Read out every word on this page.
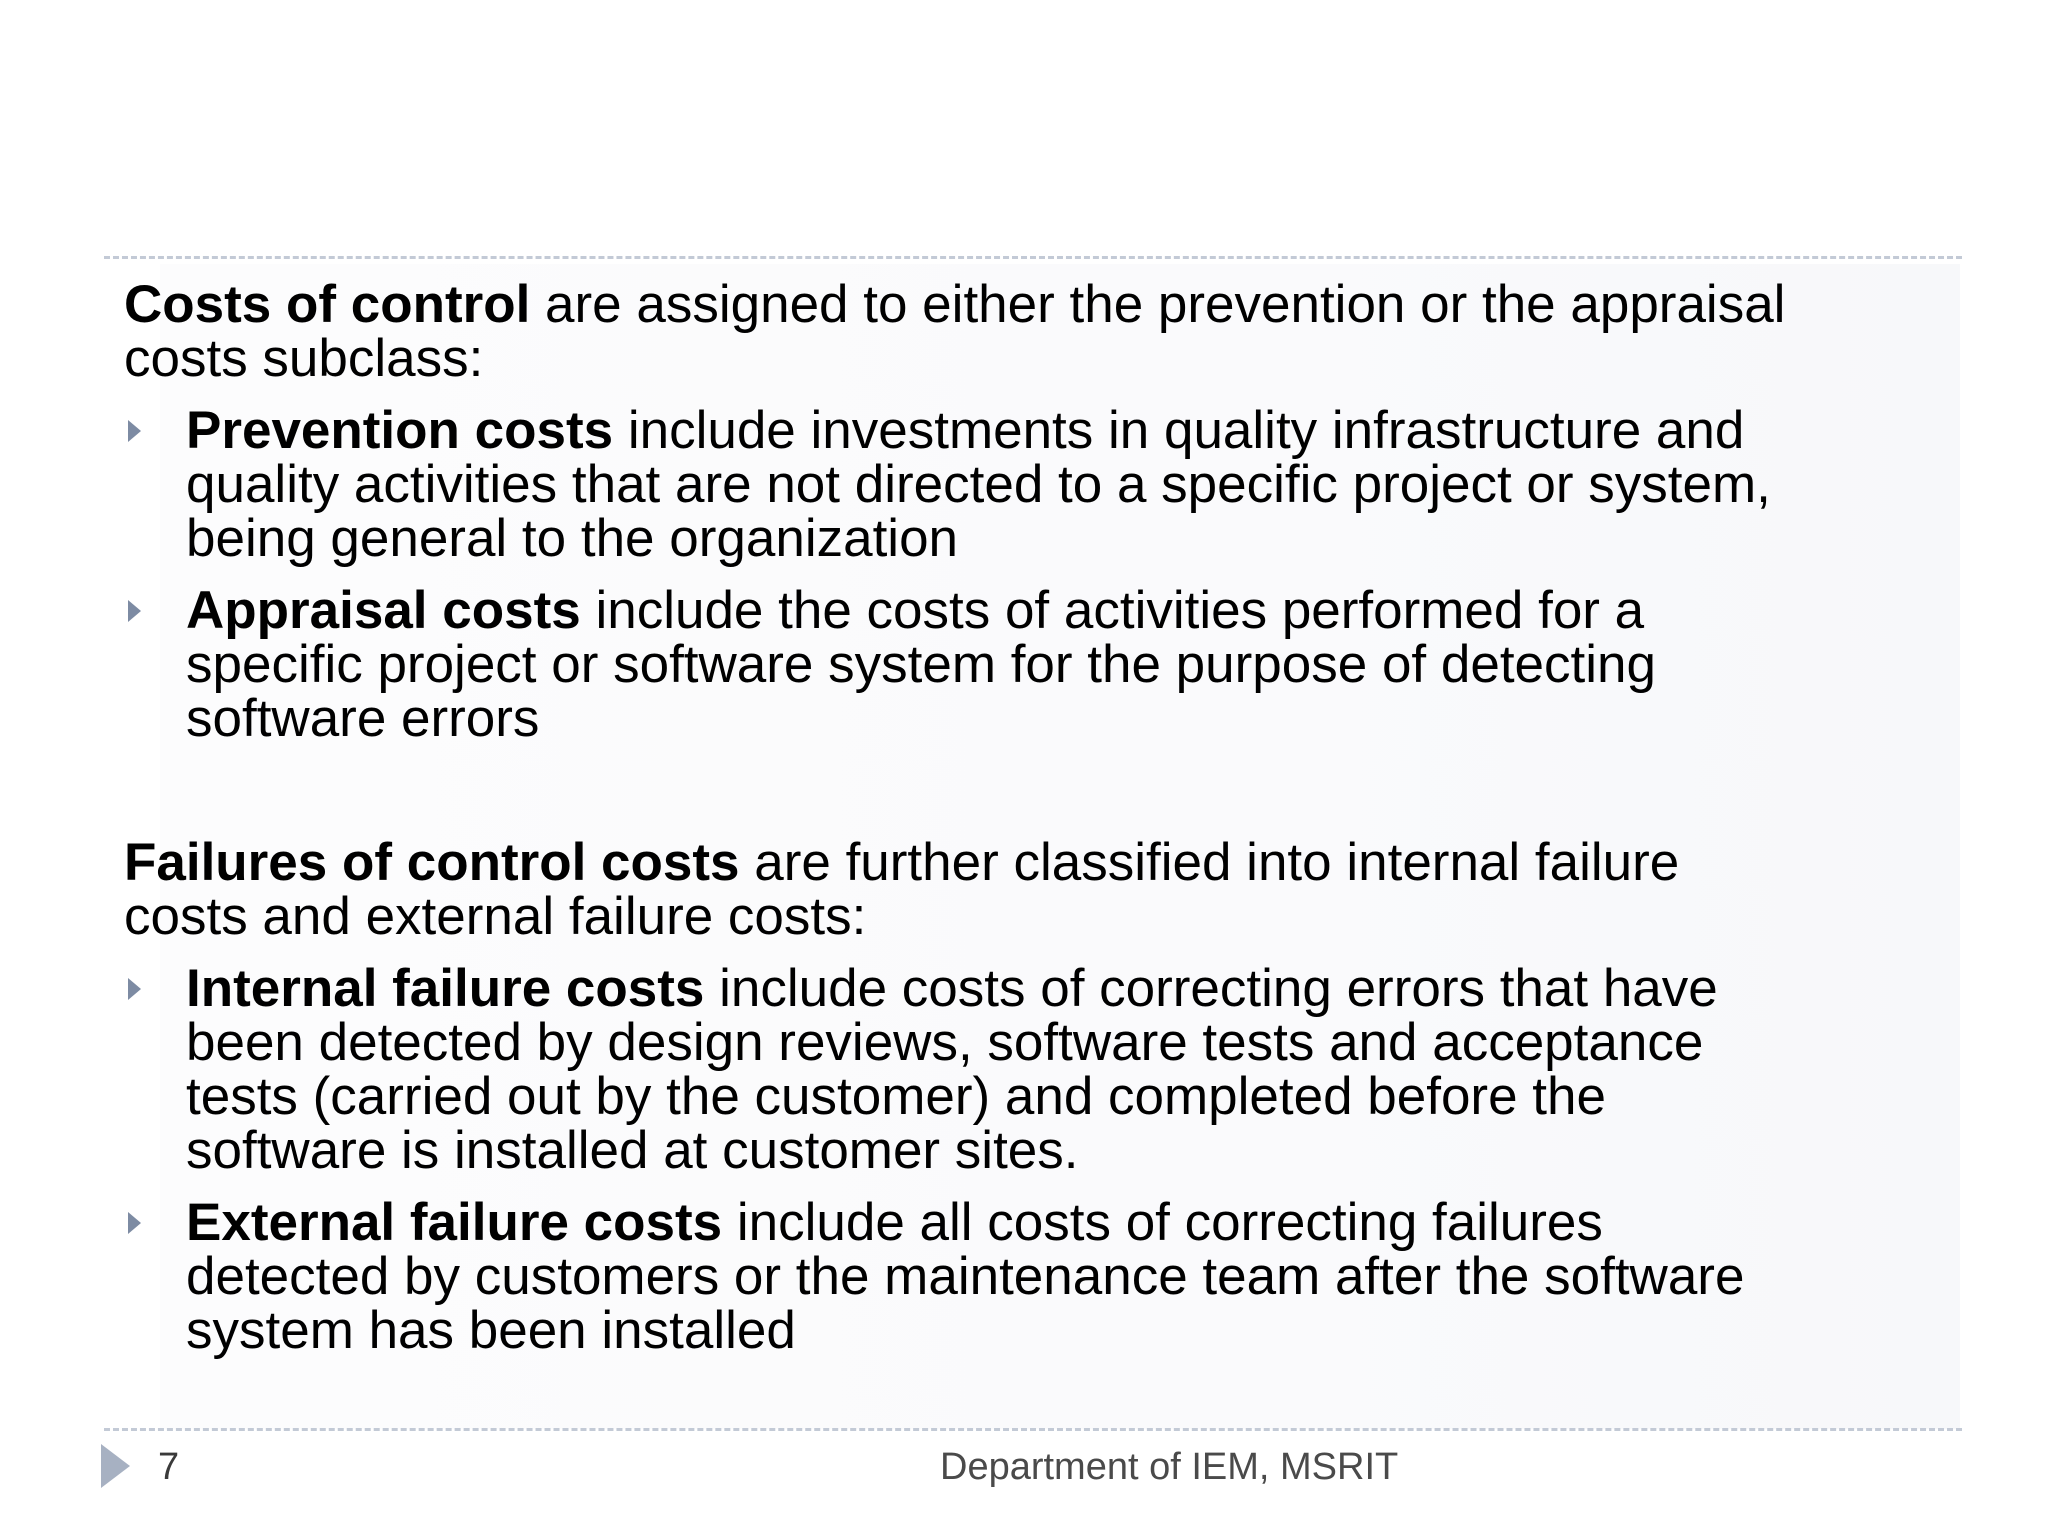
Costs of control are assigned to either the prevention or the appraisal
costs subclass:

Prevention costs include investments in quality infrastructure and
quality activities that are not directed to a specific project or system,
being general to the organization
Appraisal costs include the costs of activities performed for a
specific project or software system for the purpose of detecting
software errors

Failures of control costs are further classified into internal failure
costs and external failure costs:

Internal failure costs include costs of correcting errors that have
been detected by design reviews, software tests and acceptance
tests (carried out by the customer) and completed before the
software is installed at customer sites.
External failure costs include all costs of correcting failures
detected by customers or the maintenance team after the software
system has been installed
7	Department of IEM, MSRIT
